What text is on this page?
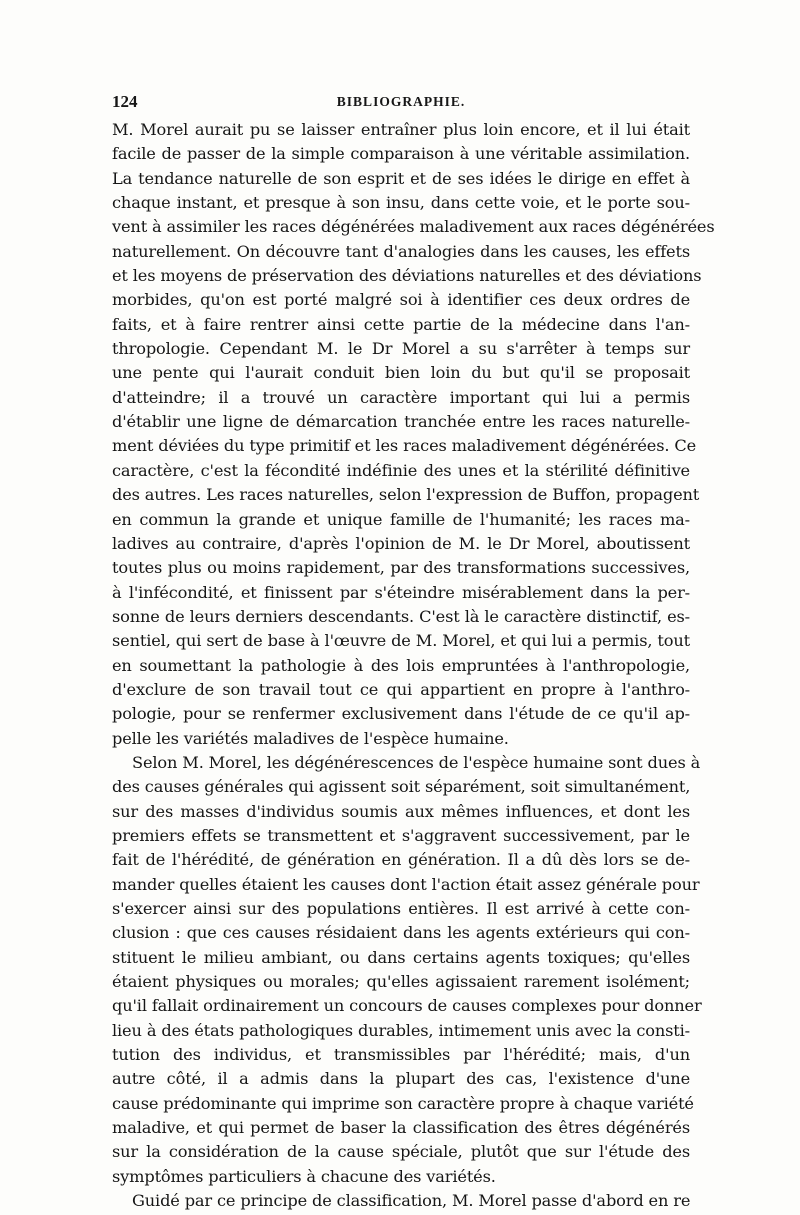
124	BIBLIOGRAPHIE.
M. Morel aurait pu se laisser entraîner plus loin encore, et il lui était
facile de passer de la simple comparaison à une véritable assimilation.
La tendance naturelle de son esprit et de ses idées le dirige en effet à
chaque instant, et presque à son insu, dans cette voie, et le porte sou-
vent à assimiler les races dégénérées maladivement aux races dégénérées
naturellement. On découvre tant d'analogies dans les causes, les effets
et les moyens de préservation des déviations naturelles et des déviations
morbides, qu'on est porté malgré soi à identifier ces deux ordres de
faits, et à faire rentrer ainsi cette partie de la médecine dans l'an-
thropologie. Cependant M. le Dr Morel a su s'arrêter à temps sur
une pente qui l'aurait conduit bien loin du but qu'il se proposait
d'atteindre; il a trouvé un caractère important qui lui a permis
d'établir une ligne de démarcation tranchée entre les races naturelle-
ment déviées du type primitif et les races maladivement dégénérées. Ce
caractère, c'est la fécondité indéfinie des unes et la stérilité définitive
des autres. Les races naturelles, selon l'expression de Buffon, propagent
en commun la grande et unique famille de l'humanité; les races ma-
ladives au contraire, d'après l'opinion de M. le Dr Morel, aboutissent
toutes plus ou moins rapidement, par des transformations successives,
à l'infécondité, et finissent par s'éteindre misérablement dans la per-
sonne de leurs derniers descendants. C'est là le caractère distinctif, es-
sentiel, qui sert de base à l'œuvre de M. Morel, et qui lui a permis, tout
en soumettant la pathologie à des lois empruntées à l'anthropologie,
d'exclure de son travail tout ce qui appartient en propre à l'anthro-
pologie, pour se renfermer exclusivement dans l'étude de ce qu'il ap-
pelle les variétés maladives de l'espèce humaine.
Selon M. Morel, les dégénérescences de l'espèce humaine sont dues à
des causes générales qui agissent soit séparément, soit simultanément,
sur des masses d'individus soumis aux mêmes influences, et dont les
premiers effets se transmettent et s'aggravent successivement, par le
fait de l'hérédité, de génération en génération. Il a dû dès lors se de-
mander quelles étaient les causes dont l'action était assez générale pour
s'exercer ainsi sur des populations entières. Il est arrivé à cette con-
clusion : que ces causes résidaient dans les agents extérieurs qui con-
stituent le milieu ambiant, ou dans certains agents toxiques; qu'elles
étaient physiques ou morales; qu'elles agissaient rarement isolément;
qu'il fallait ordinairement un concours de causes complexes pour donner
lieu à des états pathologiques durables, intimement unis avec la consti-
tution des individus, et transmissibles par l'hérédité; mais, d'un
autre côté, il a admis dans la plupart des cas, l'existence d'une
cause prédominante qui imprime son caractère propre à chaque variété
maladive, et qui permet de baser la classification des êtres dégénérés
sur la considération de la cause spéciale, plutôt que sur l'étude des
symptômes particuliers à chacune des variétés.
Guidé par ce principe de classification, M. Morel passe d'abord en re
